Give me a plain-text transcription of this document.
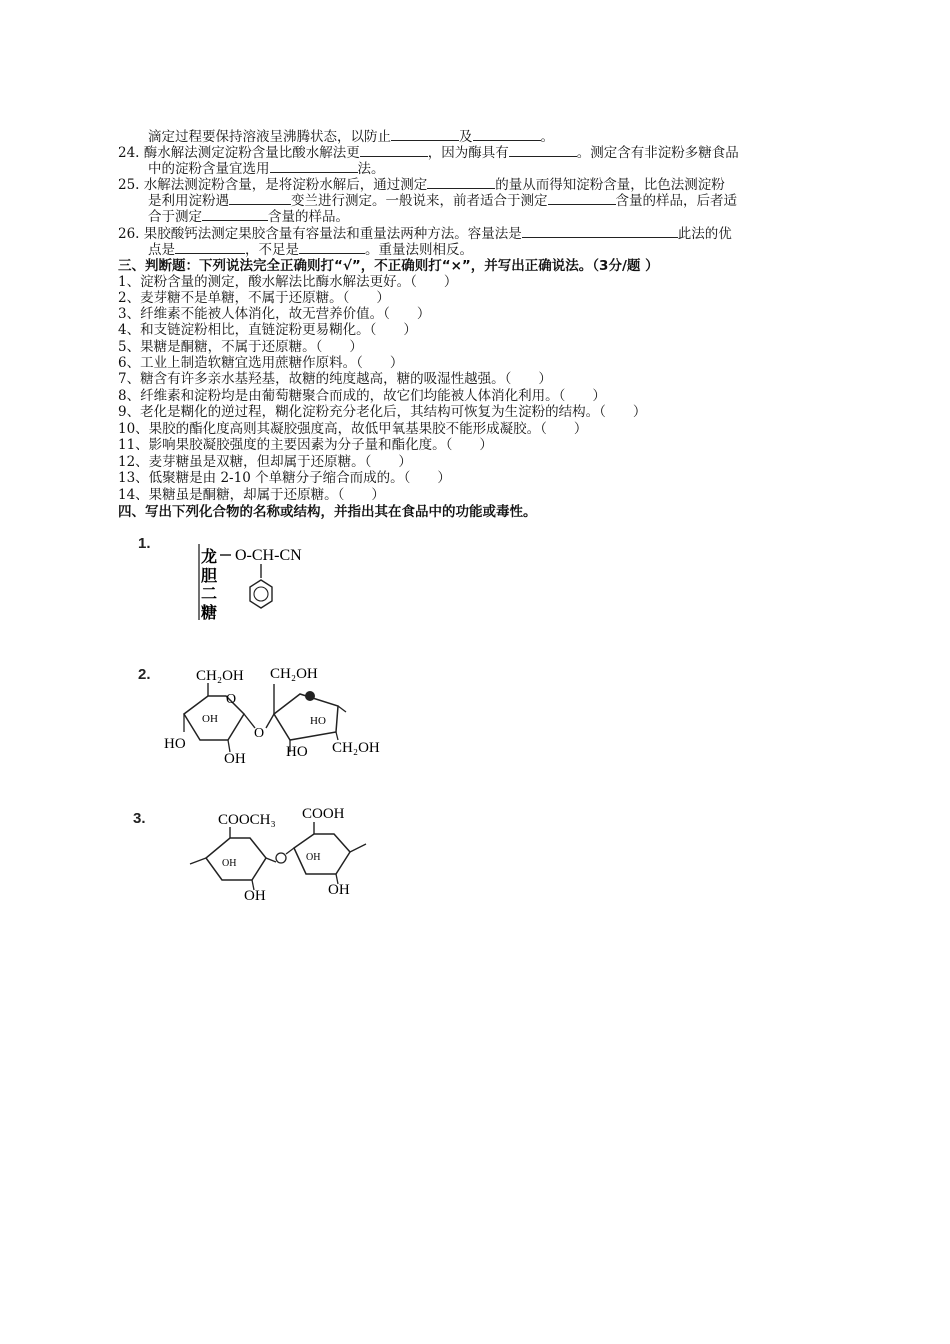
滴定过程要保持溶液呈沸腾状态，以防止	及	。
24. 酶水解法测定淀粉含量比酸水解法更	，因为酶具有	。测定含有非淀粉多糖食品
中的淀粉含量宜选用	法。
25. 水解法测淀粉含量，是将淀粉水解后，通过测定	的量从而得知淀粉含量，比色法测淀粉
是利用淀粉遇	变兰进行测定。一般说来，前者适合于测定	含量的样品，后者适
合于测定	含量的样品。
26. 果胶酸钙法测定果胶含量有容量法和重量法两种方法。容量法是	此法的优
点是	，不足是	。重量法则相反。
三、判断题：下列说法完全正确则打“√”，不正确则打“×”，并写出正确说法。（3分/题 ）
1、淀粉含量的测定，酸水解法比酶水解法更好。（　　）
2、麦芽糖不是单糖，不属于还原糖。（　　）
3、纤维素不能被人体消化，故无营养价值。（　　）
4、和支链淀粉相比，直链淀粉更易糊化。（　　）
5、果糖是酮糖，不属于还原糖。（　　）
6、工业上制造软糖宜选用蔗糖作原料。（　　）
7、糖含有许多亲水基羟基，故糖的纯度越高，糖的吸湿性越强。（　　）
8、纤维素和淀粉均是由葡萄糖聚合而成的，故它们均能被人体消化利用。（　　）
9、老化是糊化的逆过程，糊化淀粉充分老化后，其结构可恢复为生淀粉的结构。（　　）
10、果胶的酯化度高则其凝胶强度高，故低甲氧基果胶不能形成凝胶。（　　）
11、影响果胶凝胶强度的主要因素为分子量和酯化度。（　　）
12、麦芽糖虽是双糖，但却属于还原糖。（　　）
13、低聚糖是由 2-10 个单糖分子缩合而成的。（　　）
14、果糖虽是酮糖，却属于还原糖。（　　）
四、写出下列化合物的名称或结构，并指出其在食品中的功能或毒性。
1.
龙
胆
二
糖
O-CH-CN
2.	CH₂OH
O
OH
HO
OH
O
CH₂OH
HO
HO CH₂OH
3.	COOCH₃
OH
OH
COOH
OH
OH
